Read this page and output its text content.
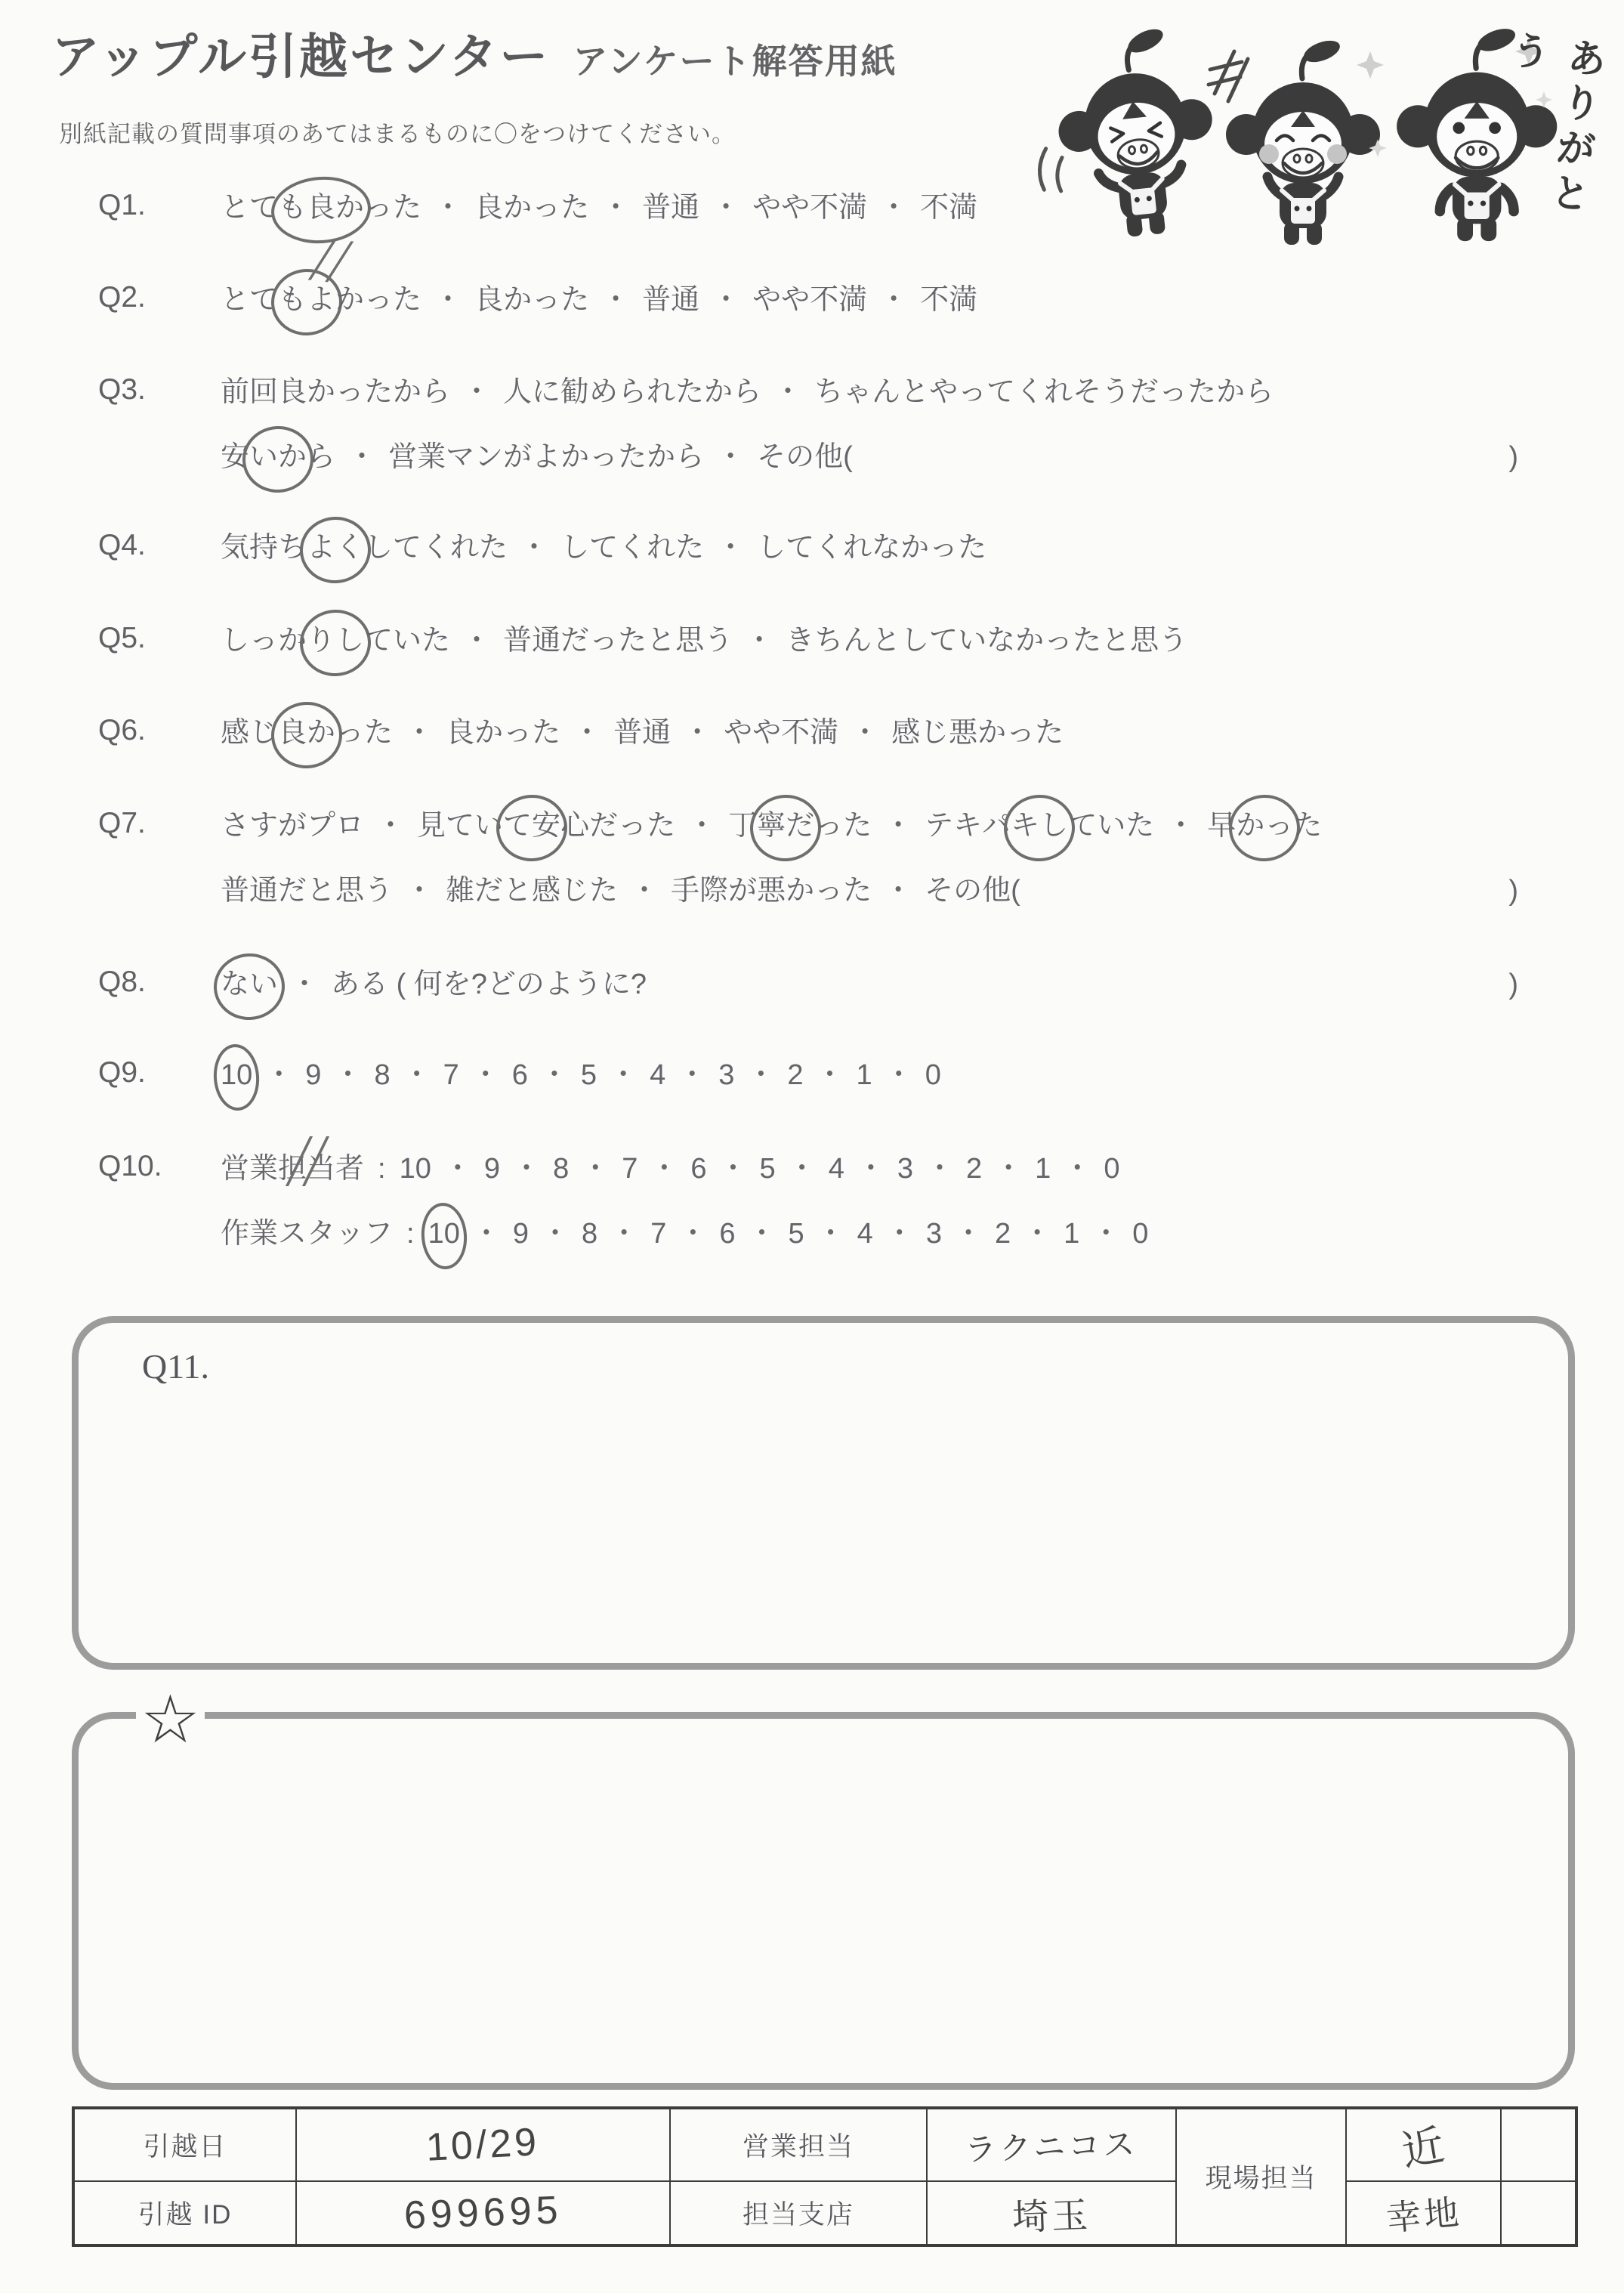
アップル引越センター アンケート解答用紙
別紙記載の質問事項のあてはまるものに〇をつけてください。	ありがとう
Q1.	とて も良か った ・ 良かった ・ 普通 ・ やや不満 ・ 不満
Q2.	とて もよ かった ・ 良かった ・ 普通 ・ やや不満 ・ 不満
Q3.	前回良かったから ・ 人に勧められたから ・ ちゃんとやってくれそうだったから
安 いか ら ・ 営業マンがよかったから ・ その他(	)
Q4.	気持ち よく してくれた ・ してくれた ・ してくれなかった
Q5.	しっか りし ていた ・ 普通だったと思う ・ きちんとしていなかったと思う
Q6.	感じ 良か った ・ 良かった ・ 普通 ・ やや不満 ・ 感じ悪かった
Q7.	さすがプロ ・ 見てい て安 心だった ・ 丁 寧だ った ・ テキパ キし ていた ・ 早 かっ た
普通だと思う ・ 雑だと感じた ・ 手際が悪かった ・ その他(	)
Q8.	ない ・ ある ( 何を?どのように?	)
Q9.	10 ・ 9 ・ 8 ・ 7 ・ 6 ・ 5 ・ 4 ・ 3 ・ 2 ・ 1 ・ 0
Q10.	営業 担当 者 : 10 ・ 9 ・ 8 ・ 7 ・ 6 ・ 5 ・ 4 ・ 3 ・ 2 ・ 1 ・ 0
作業スタッフ : 10 ・ 9 ・ 8 ・ 7 ・ 6 ・ 5 ・ 4 ・ 3 ・ 2 ・ 1 ・ 0
Q11.
☆
引越日	10/29	営業担当	ラクニコス	現場担当	近	
引越 ID	699695	担当支店	埼玉		幸地	
